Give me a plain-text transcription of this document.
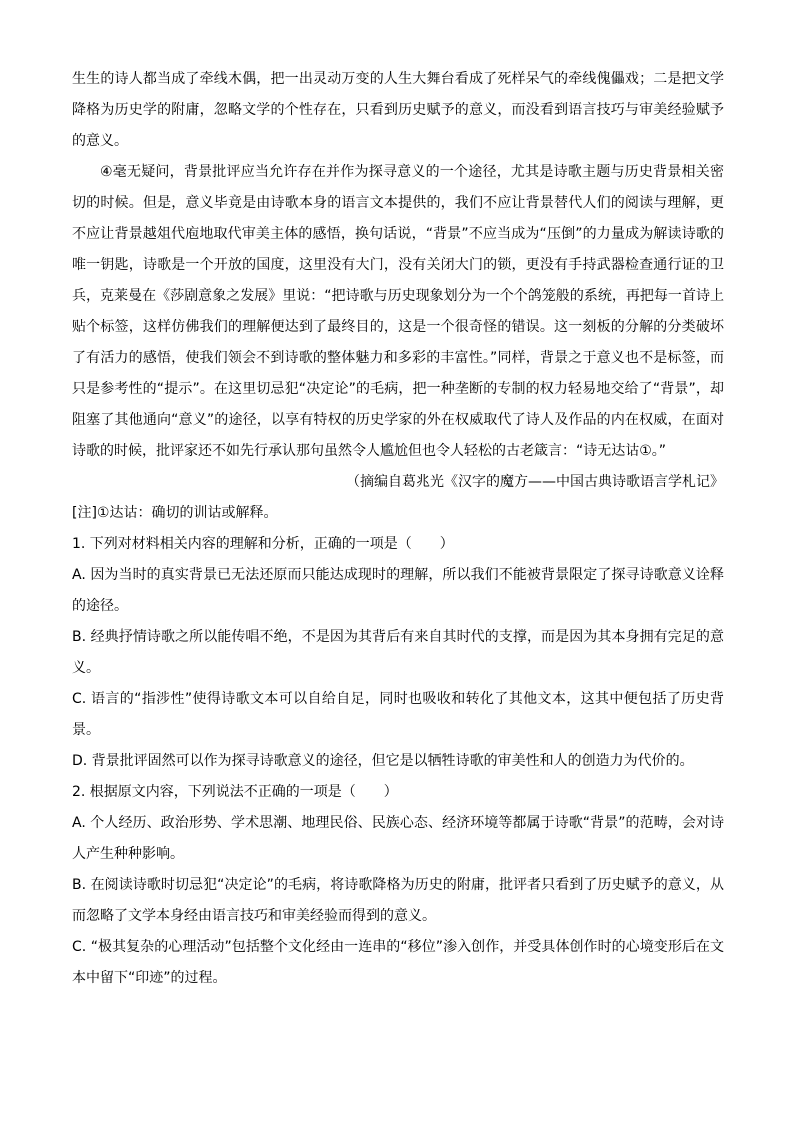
生生的诗人都当成了牵线木偶，把一出灵动万变的人生大舞台看成了死样呆气的牵线傀儡戏；二是把文学降格为历史学的附庸，忽略文学的个性存在，只看到历史赋予的意义，而没看到语言技巧与审美经验赋予的意义。

④毫无疑问，背景批评应当允许存在并作为探寻意义的一个途径，尤其是诗歌主题与历史背景相关密切的时候。但是，意义毕竟是由诗歌本身的语言文本提供的，我们不应让背景替代人们的阅读与理解，更不应让背景越俎代庖地取代审美主体的感悟，换句话说，“背景”不应当成为“压倒”的力量成为解读诗歌的唯一钥匙，诗歌是一个开放的国度，这里没有大门，没有关闭大门的锁，更没有手持武器检查通行证的卫兵，克莱曼在《莎剧意象之发展》里说：“把诗歌与历史现象划分为一个个鸽笼般的系统，再把每一首诗上贴个标签，这样仿佛我们的理解便达到了最终目的，这是一个很奇怪的错误。这一刻板的分解的分类破坏了有活力的感悟，使我们领会不到诗歌的整体魅力和多彩的丰富性。”同样，背景之于意义也不是标签，而只是参考性的“提示”。在这里切忌犯“决定论”的毛病，把一种垄断的专制的权力轻易地交给了“背景”，却阻塞了其他通向“意义”的途径，以享有特权的历史学家的外在权威取代了诗人及作品的内在权威，在面对诗歌的时候，批评家还不如先行承认那句虽然令人尴尬但也令人轻松的古老箴言：“诗无达诂①。”

（摘编自葛兆光《汉字的魔方——中国古典诗歌语言学札记》

[注]①达诂：确切的训诂或解释。

1. 下列对材料相关内容的理解和分析，正确的一项是（　　）

A. 因为当时的真实背景已无法还原而只能达成现时的理解，所以我们不能被背景限定了探寻诗歌意义诠释的途径。

B. 经典抒情诗歌之所以能传唱不绝，不是因为其背后有来自其时代的支撑，而是因为其本身拥有完足的意义。

C. 语言的“指涉性”使得诗歌文本可以自给自足，同时也吸收和转化了其他文本，这其中便包括了历史背景。

D. 背景批评固然可以作为探寻诗歌意义的途径，但它是以牺牲诗歌的审美性和人的创造力为代价的。

2. 根据原文内容，下列说法不正确的一项是（　　）

A. 个人经历、政治形势、学术思潮、地理民俗、民族心态、经济环境等都属于诗歌“背景”的范畴，会对诗人产生种种影响。

B. 在阅读诗歌时切忌犯“决定论”的毛病，将诗歌降格为历史的附庸，批评者只看到了历史赋予的意义，从而忽略了文学本身经由语言技巧和审美经验而得到的意义。

C. “极其复杂的心理活动”包括整个文化经由一连串的“移位”渗入创作，并受具体创作时的心境变形后在文本中留下“印迹”的过程。
